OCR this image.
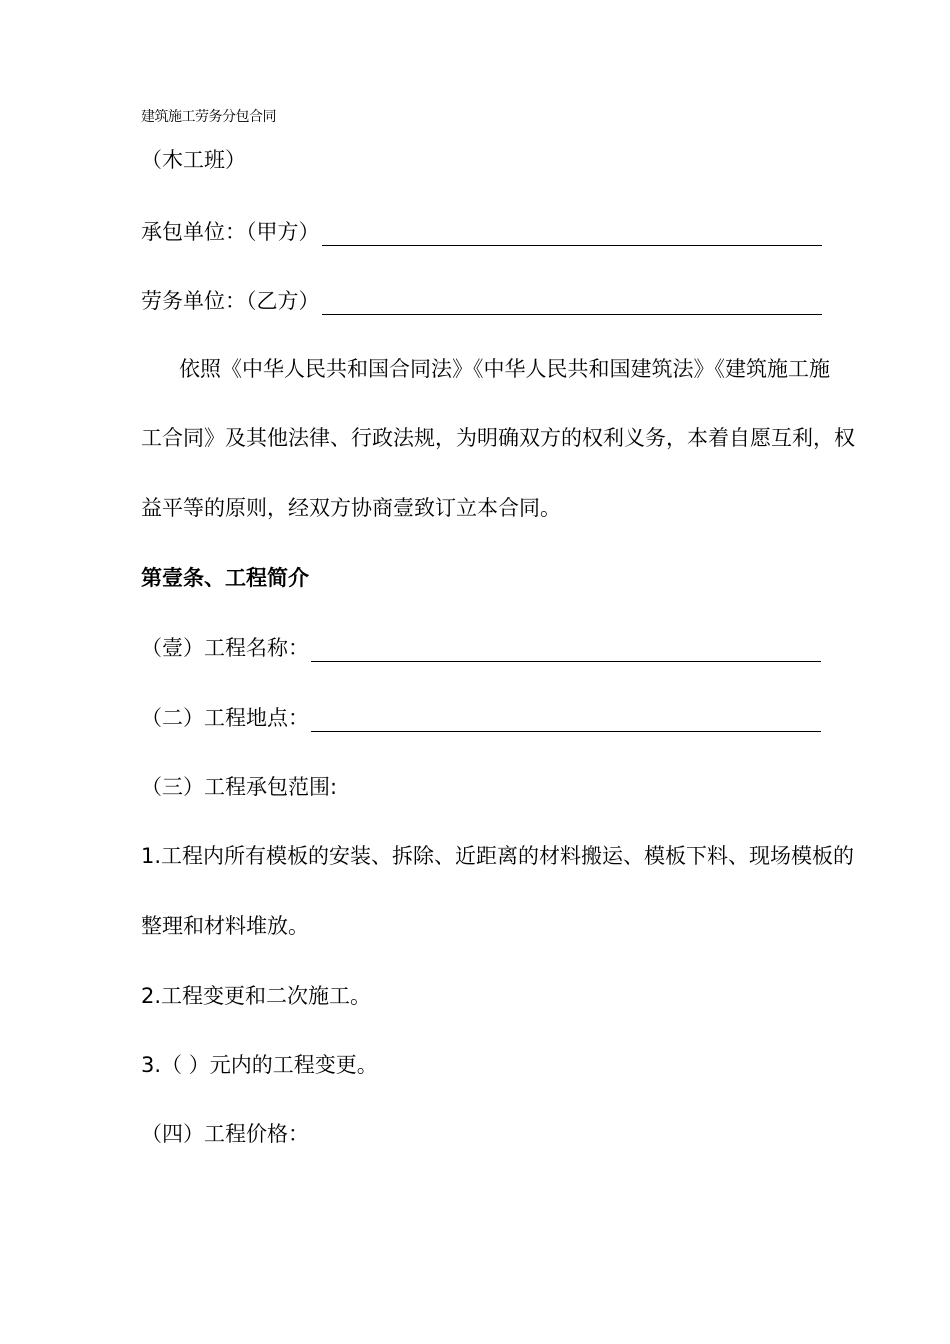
建筑施工劳务分包合同
（木工班）
承包单位：（甲方）
劳务单位：（乙方）
依照《中华人民共和国合同法》《中华人民共和国建筑法》《建筑施工施
工合同》及其他法律、行政法规，为明确双方的权利义务，本着自愿互利，权
益平等的原则，经双方协商壹致订立本合同。
第壹条、工程简介
（壹）工程名称：
（二）工程地点：
（三）工程承包范围:
1.工程内所有模板的安装、拆除、近距离的材料搬运、模板下料、现场模板的
整理和材料堆放。
2.工程变更和二次施工。
3.（ ）元内的工程变更。
（四）工程价格：
